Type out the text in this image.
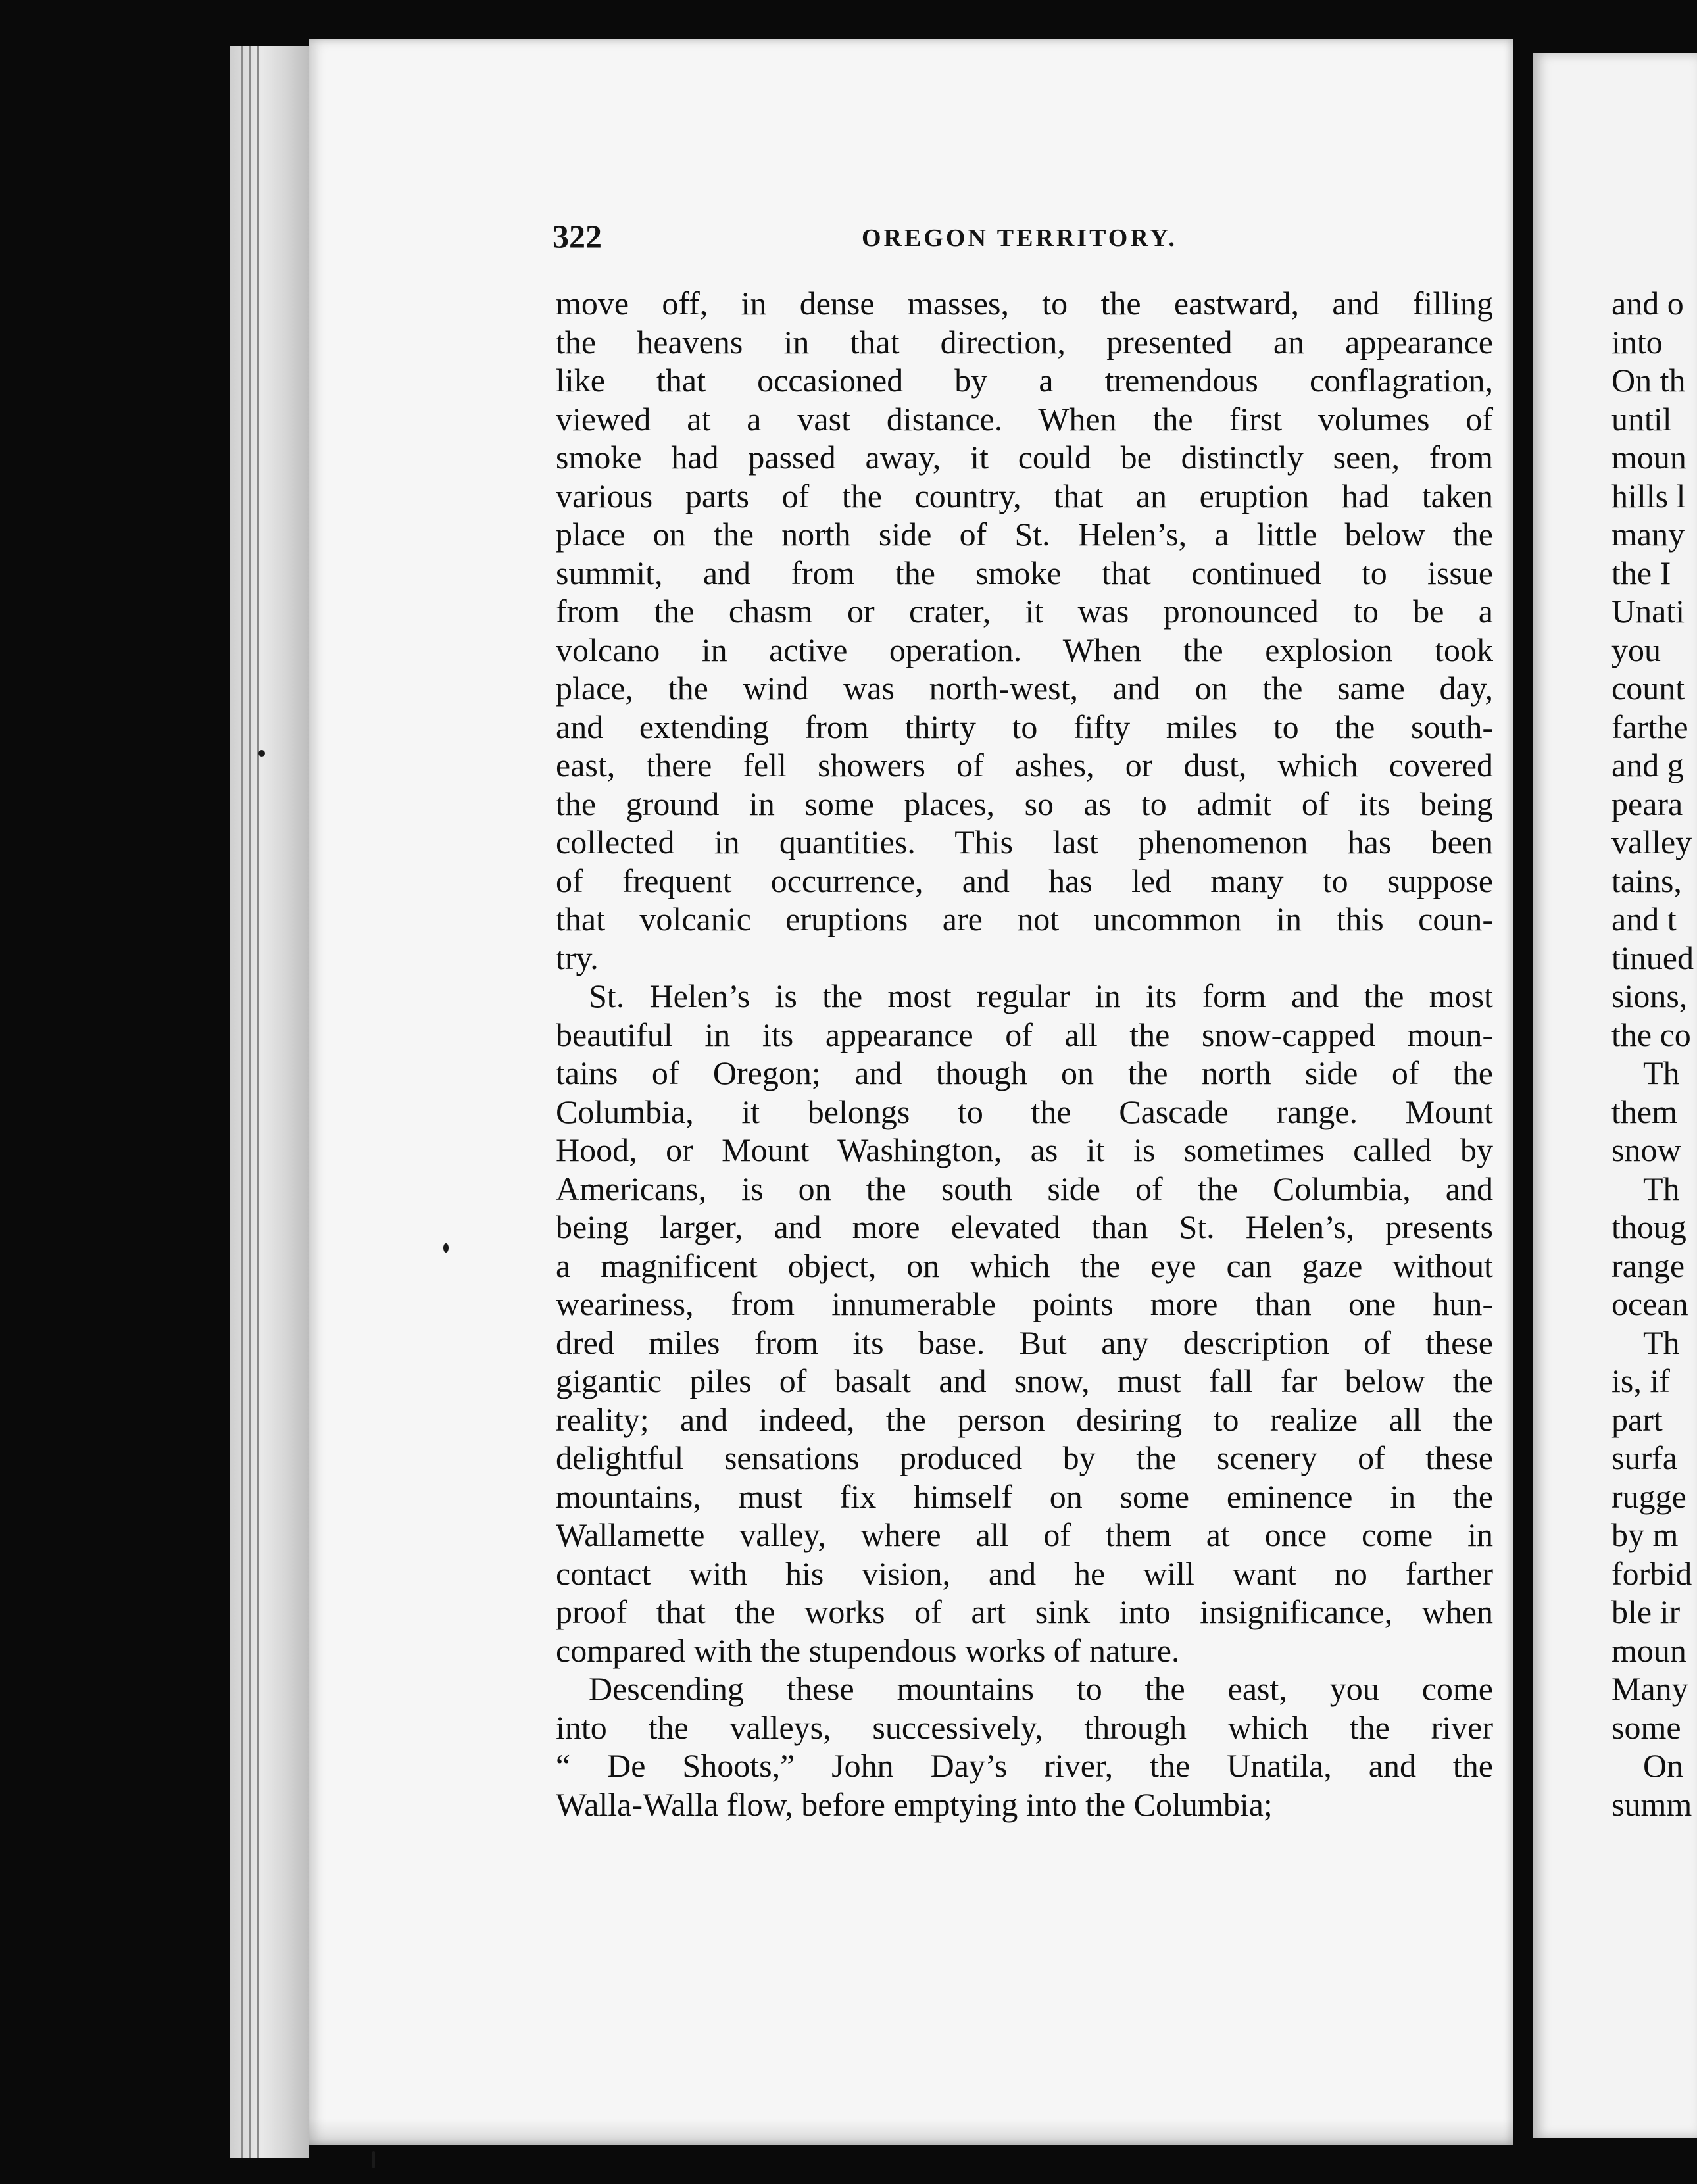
and o
into
On th
until
moun
hills l
many
the I
Unati
you
count
farthe
and g
peara
valley
tains,
and t
tinued
sions,
the co
Th
them
snow
Th
thoug
range
ocean
Th
is, if
part
surfa
rugge
by m
forbid
ble ir
moun
Many
some
On
summ
322	OREGON TERRITORY.

move off, in dense masses, to the eastward, and filling
the heavens in that direction, presented an appearance
like that occasioned by a tremendous conflagration,
viewed at a vast distance. When the first volumes of
smoke had passed away, it could be distinctly seen, from
various parts of the country, that an eruption had taken
place on the north side of St. Helen’s, a little below the
summit, and from the smoke that continued to issue
from the chasm or crater, it was pronounced to be a
volcano in active operation. When the explosion took
place, the wind was north-west, and on the same day,
and extending from thirty to fifty miles to the south-
east, there fell showers of ashes, or dust, which covered
the ground in some places, so as to admit of its being
collected in quantities. This last phenomenon has been
of frequent occurrence, and has led many to suppose
that volcanic eruptions are not uncommon in this coun-
try.

St. Helen’s is the most regular in its form and the most
beautiful in its appearance of all the snow-capped moun-
tains of Oregon; and though on the north side of the
Columbia, it belongs to the Cascade range. Mount
Hood, or Mount Washington, as it is sometimes called by
Americans, is on the south side of the Columbia, and
being larger, and more elevated than St. Helen’s, presents
a magnificent object, on which the eye can gaze without
weariness, from innumerable points more than one hun-
dred miles from its base. But any description of these
gigantic piles of basalt and snow, must fall far below the
reality; and indeed, the person desiring to realize all the
delightful sensations produced by the scenery of these
mountains, must fix himself on some eminence in the
Wallamette valley, where all of them at once come in
contact with his vision, and he will want no farther
proof that the works of art sink into insignificance, when
compared with the stupendous works of nature.

Descending these mountains to the east, you come
into the valleys, successively, through which the river
“ De Shoots,” John Day’s river, the Unatila, and the
Walla-Walla flow, before emptying into the Columbia;
